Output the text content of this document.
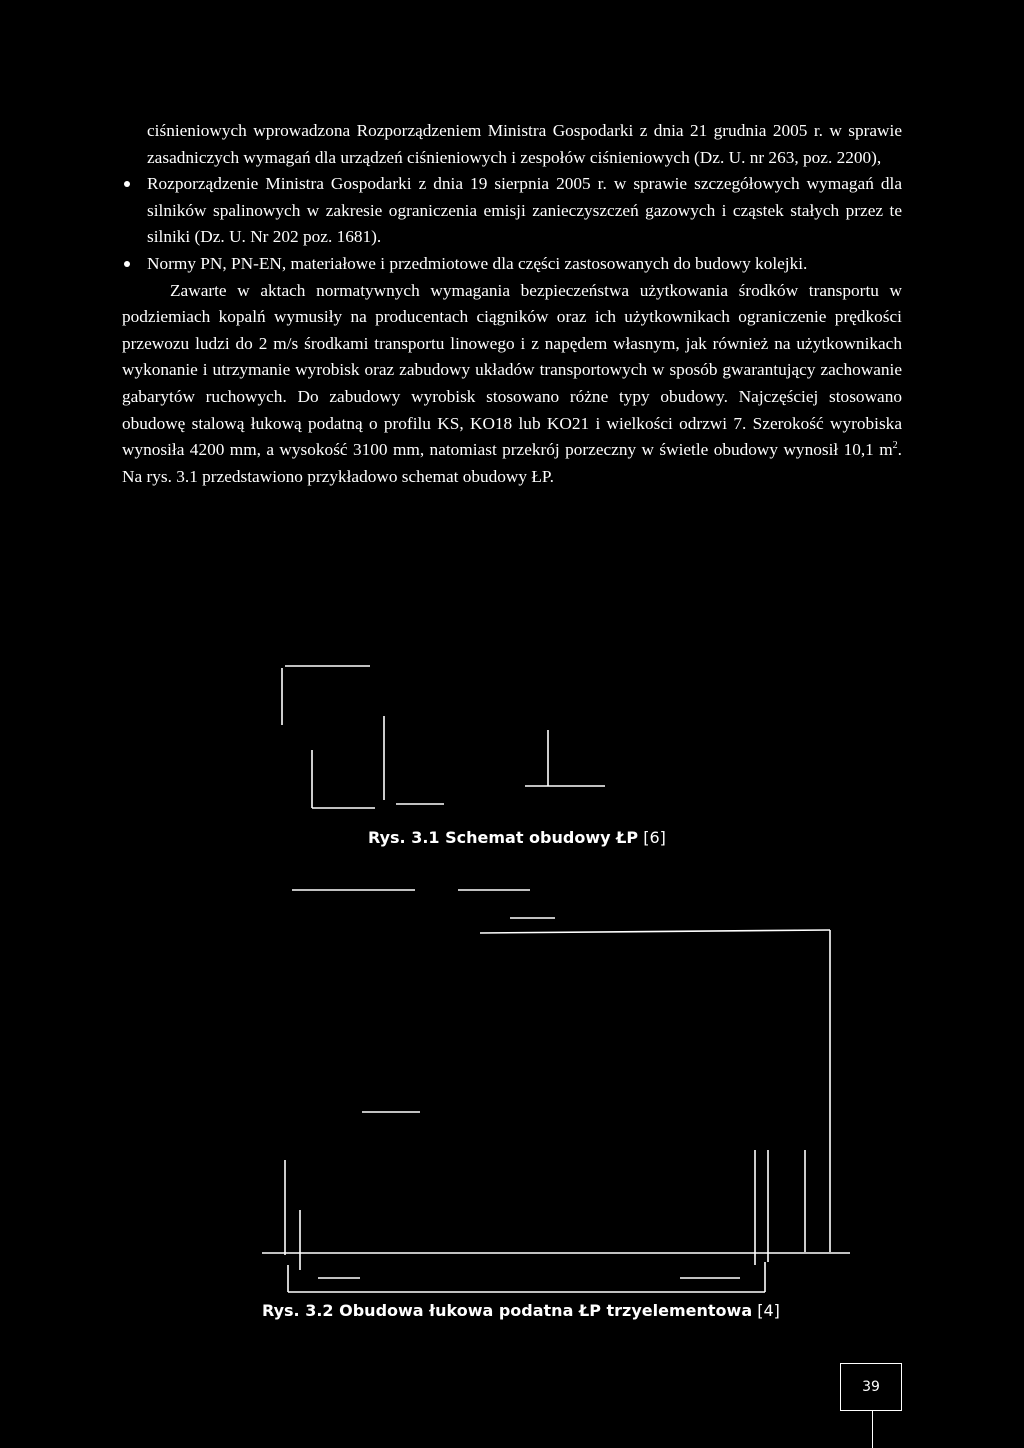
ciśnieniowych wprowadzona Rozporządzeniem Ministra Gospodarki z dnia 21 grudnia 2005 r. w sprawie zasadniczych wymagań dla urządzeń ciśnieniowych i zespołów ciśnieniowych (Dz. U. nr 263, poz. 2200),

Rozporządzenie Ministra Gospodarki z dnia 19 sierpnia 2005 r. w sprawie szczegółowych wymagań dla silników spalinowych w zakresie ograniczenia emisji zanieczyszczeń gazowych i cząstek stałych przez te silniki (Dz. U. Nr 202 poz. 1681).
Normy PN, PN-EN, materiałowe i przedmiotowe dla części zastosowanych do budowy kolejki.

Zawarte w aktach normatywnych wymagania bezpieczeństwa użytkowania środków transportu w podziemiach kopalń wymusiły na producentach ciągników oraz ich użytkownikach ograniczenie prędkości przewozu ludzi do 2 m/s środkami transportu linowego i z napędem własnym, jak również na użytkownikach wykonanie i utrzymanie wyrobisk oraz zabudowy układów transportowych w sposób gwarantujący zachowanie gabarytów ruchowych. Do zabudowy wyrobisk stosowano różne typy obudowy. Najczęściej stosowano obudowę stalową łukową podatną o profilu KS, KO18 lub KO21 i wielkości odrzwi 7. Szerokość wyrobiska wynosiła 4200 mm, a wysokość 3100 mm, natomiast przekrój porzeczny w świetle obudowy wynosił 10,1 $m^2$. Na rys. 3.1 przedstawiono przykładowo schemat obudowy ŁP.

Rys. 3.1 Schemat obudowy ŁP [6]
Rys. 3.2 Obudowa łukowa podatna ŁP trzyelementowa [4]
39
